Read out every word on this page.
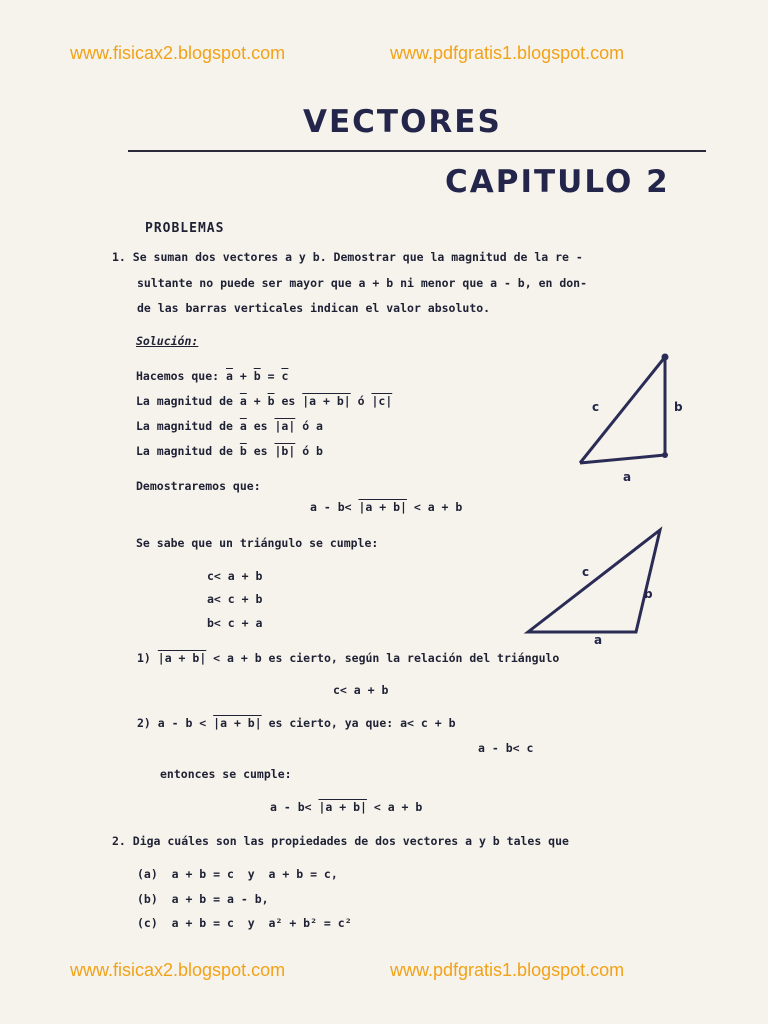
www.fisicax2.blogspot.com	www.pdfgratis1.blogspot.com
VECTORES
CAPITULO 2
PROBLEMAS
1. Se suman dos vectores a y b. Demostrar que la magnitud de la re -
sultante no puede ser mayor que a + b ni menor que a - b, en don-
de las barras verticales indican el valor absoluto.
Solución:
Hacemos que: $\overline{a} + \overline{b} = \overline{c}$
La magnitud de $\overline{a} + \overline{b}$ es |a + b| ó |c|
La magnitud de $\overline{a}$ es |a| ó a
La magnitud de $\overline{b}$ es |b| ó b
c	b
a
Demostraremos que:
a - b< |a + b| < a + b
Se sabe que un triángulo se cumple:
c< a + b
a< c + b
b< c + a
c
b
a
1) |a + b| < a + b es cierto, según la relación del triángulo
c< a + b
2) a - b < |a + b| es cierto, ya que: a< c + b
a - b< c
entonces se cumple:
a - b< |a + b| < a + b
2. Diga cuáles son las propiedades de dos vectores a y b tales que
(a)  a + b = c  y  a + b = c,
(b)  a + b = a - b,
(c)  a + b = c  y  a² + b² = c²
www.fisicax2.blogspot.com	www.pdfgratis1.blogspot.com
